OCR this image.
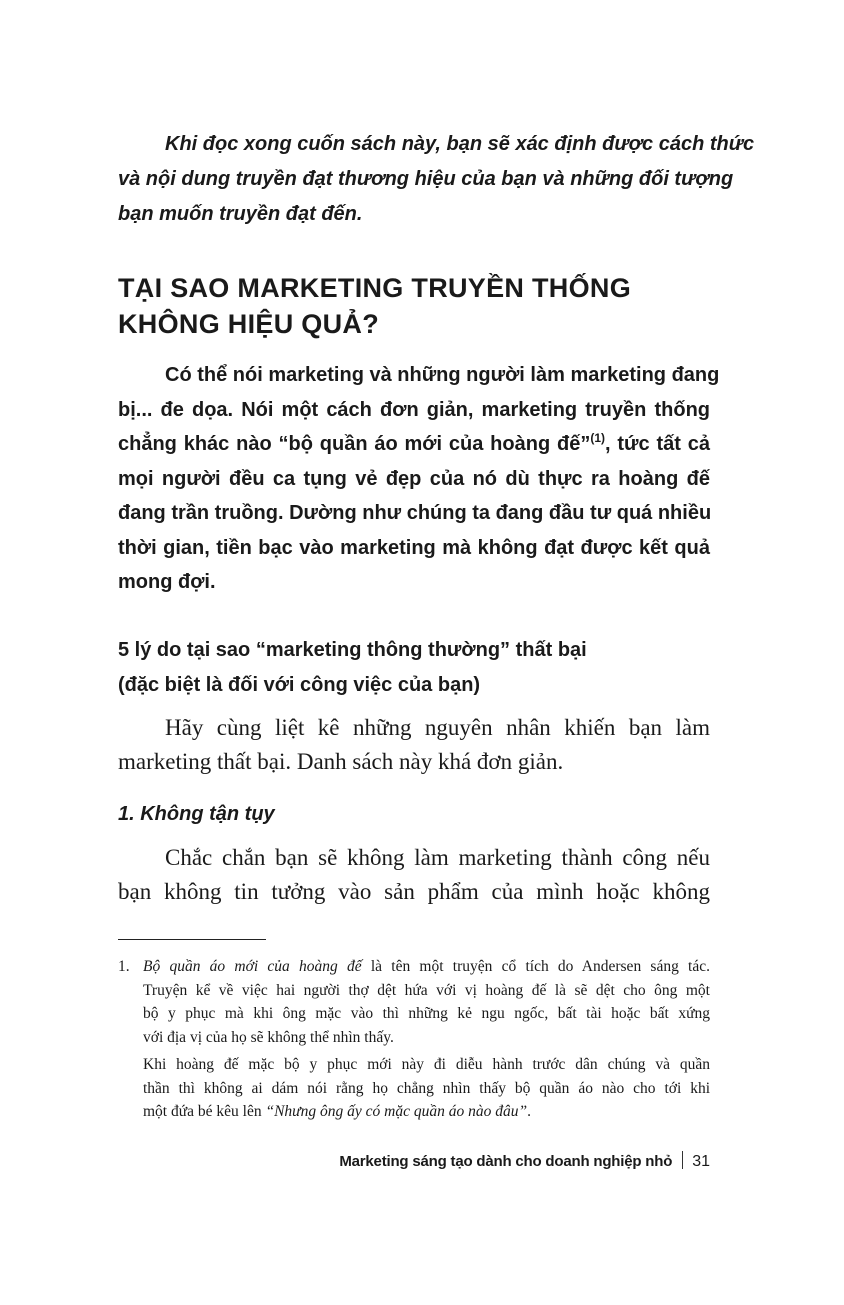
Khi đọc xong cuốn sách này, bạn sẽ xác định được cách thức
và nội dung truyền đạt thương hiệu của bạn và những đối tượng
bạn muốn truyền đạt đến.
TẠI SAO MARKETING TRUYỀN THỐNG
KHÔNG HIỆU QUẢ?
Có thể nói marketing và những người làm marketing đang
bị... đe dọa. Nói một cách đơn giản, marketing truyền thống
chẳng khác nào “bộ quần áo mới của hoàng đế”$^{(1)}$, tức tất cả
mọi người đều ca tụng vẻ đẹp của nó dù thực ra hoàng đế
đang trần truồng. Dường như chúng ta đang đầu tư quá nhiều
thời gian, tiền bạc vào marketing mà không đạt được kết quả
mong đợi.
5 lý do tại sao “marketing thông thường” thất bại
(đặc biệt là đối với công việc của bạn)
Hãy cùng liệt kê những nguyên nhân khiến bạn làm
marketing thất bại. Danh sách này khá đơn giản.
1. Không tận tụy
Chắc chắn bạn sẽ không làm marketing thành công nếu
bạn không tin tưởng vào sản phẩm của mình hoặc không
1. Bộ quần áo mới của hoàng đế là tên một truyện cổ tích do Andersen sáng tác.
Truyện kể về việc hai người thợ dệt hứa với vị hoàng đế là sẽ dệt cho ông một
bộ y phục mà khi ông mặc vào thì những kẻ ngu ngốc, bất tài hoặc bất xứng
với địa vị của họ sẽ không thể nhìn thấy.
Khi hoàng đế mặc bộ y phục mới này đi diễu hành trước dân chúng và quần
thần thì không ai dám nói rằng họ chẳng nhìn thấy bộ quần áo nào cho tới khi
một đứa bé kêu lên “Nhưng ông ấy có mặc quần áo nào đâu”.
Marketing sáng tạo dành cho doanh nghiệp nhỏ 31
